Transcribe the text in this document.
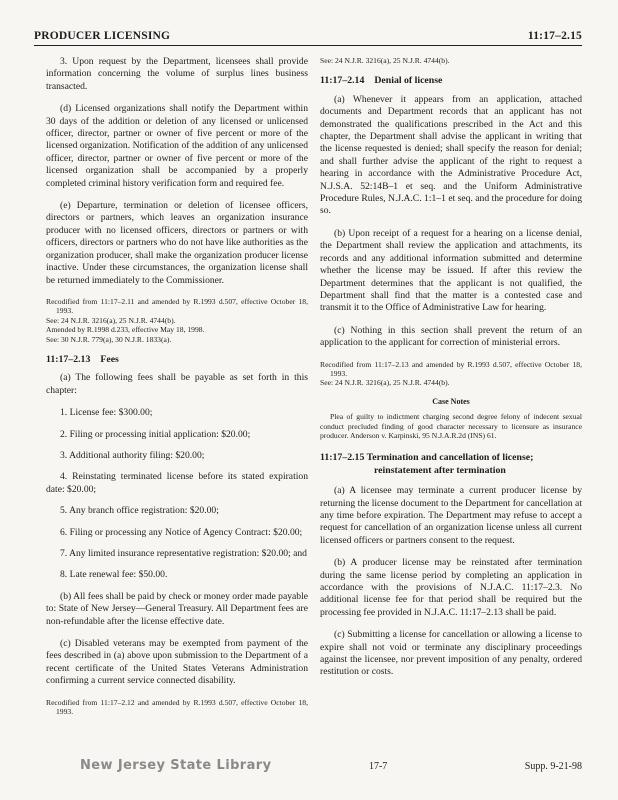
PRODUCER LICENSING	11:17–2.15

3. Upon request by the Department, licensees shall provide information concerning the volume of surplus lines business transacted.

(d) Licensed organizations shall notify the Department within 30 days of the addition or deletion of any licensed or unlicensed officer, director, partner or owner of five percent or more of the licensed organization. Notification of the addition of any unlicensed officer, director, partner or owner of five percent or more of the licensed organization shall be accompanied by a properly completed criminal history verification form and required fee.

(e) Departure, termination or deletion of licensee officers, directors or partners, which leaves an organization insurance producer with no licensed officers, directors or partners or with officers, directors or partners who do not have like authorities as the organization producer, shall make the organization producer license inactive. Under these circumstances, the organization license shall be returned immediately to the Commissioner.

Recodified from 11:17–2.11 and amended by R.1993 d.507, effective October 18, 1993.
See: 24 N.J.R. 3216(a), 25 N.J.R. 4744(b).
Amended by R.1998 d.233, effective May 18, 1998.
See: 30 N.J.R. 779(a), 30 N.J.R. 1833(a).
11:17–2.13 Fees

(a) The following fees shall be payable as set forth in this chapter:

1. License fee: $300.00;
2. Filing or processing initial application: $20.00;
3. Additional authority filing: $20.00;
4. Reinstating terminated license before its stated expiration date: $20.00;
5. Any branch office registration: $20.00;
6. Filing or processing any Notice of Agency Contract: $20.00;
7. Any limited insurance representative registration: $20.00; and
8. Late renewal fee: $50.00.

(b) All fees shall be paid by check or money order made payable to: State of New Jersey—General Treasury. All Department fees are non-refundable after the license effective date.

(c) Disabled veterans may be exempted from payment of the fees described in (a) above upon submission to the Department of a recent certificate of the United States Veterans Administration confirming a current service connected disability.

Recodified from 11:17–2.12 and amended by R.1993 d.507, effective October 18, 1993.
See: 24 N.J.R. 3216(a), 25 N.J.R. 4744(b).
11:17–2.14 Denial of license

(a) Whenever it appears from an application, attached documents and Department records that an applicant has not demonstrated the qualifications prescribed in the Act and this chapter, the Department shall advise the applicant in writing that the license requested is denied; shall specify the reason for denial; and shall further advise the applicant of the right to request a hearing in accordance with the Administrative Procedure Act, N.J.S.A. 52:14B–1 et seq. and the Uniform Administrative Procedure Rules, N.J.A.C. 1:1–1 et seq. and the procedure for doing so.

(b) Upon receipt of a request for a hearing on a license denial, the Department shall review the application and attachments, its records and any additional information submitted and determine whether the license may be issued. If after this review the Department determines that the applicant is not qualified, the Department shall find that the matter is a contested case and transmit it to the Office of Administrative Law for hearing.

(c) Nothing in this section shall prevent the return of an application to the applicant for correction of ministerial errors.

Recodified from 11:17–2.13 and amended by R.1993 d.507, effective October 18, 1993.
See: 24 N.J.R. 3216(a), 25 N.J.R. 4744(b).
Case Notes

Plea of guilty to indictment charging second degree felony of indecent sexual conduct precluded finding of good character necessary to licensure as insurance producer. Anderson v. Karpinski, 95 N.J.A.R.2d (INS) 61.

11:17–2.15 Termination and cancellation of license;
reinstatement after termination

(a) A licensee may terminate a current producer license by returning the license document to the Department for cancellation at any time before expiration. The Department may refuse to accept a request for cancellation of an organization license unless all current licensed officers or partners consent to the request.

(b) A producer license may be reinstated after termination during the same license period by completing an application in accordance with the provisions of N.J.A.C. 11:17–2.3. No additional license fee for that period shall be required but the processing fee provided in N.J.A.C. 11:17–2.13 shall be paid.

(c) Submitting a license for cancellation or allowing a license to expire shall not void or terminate any disciplinary proceedings against the licensee, nor prevent imposition of any penalty, ordered restitution or costs.

New Jersey State Library	17-7	Supp. 9-21-98
